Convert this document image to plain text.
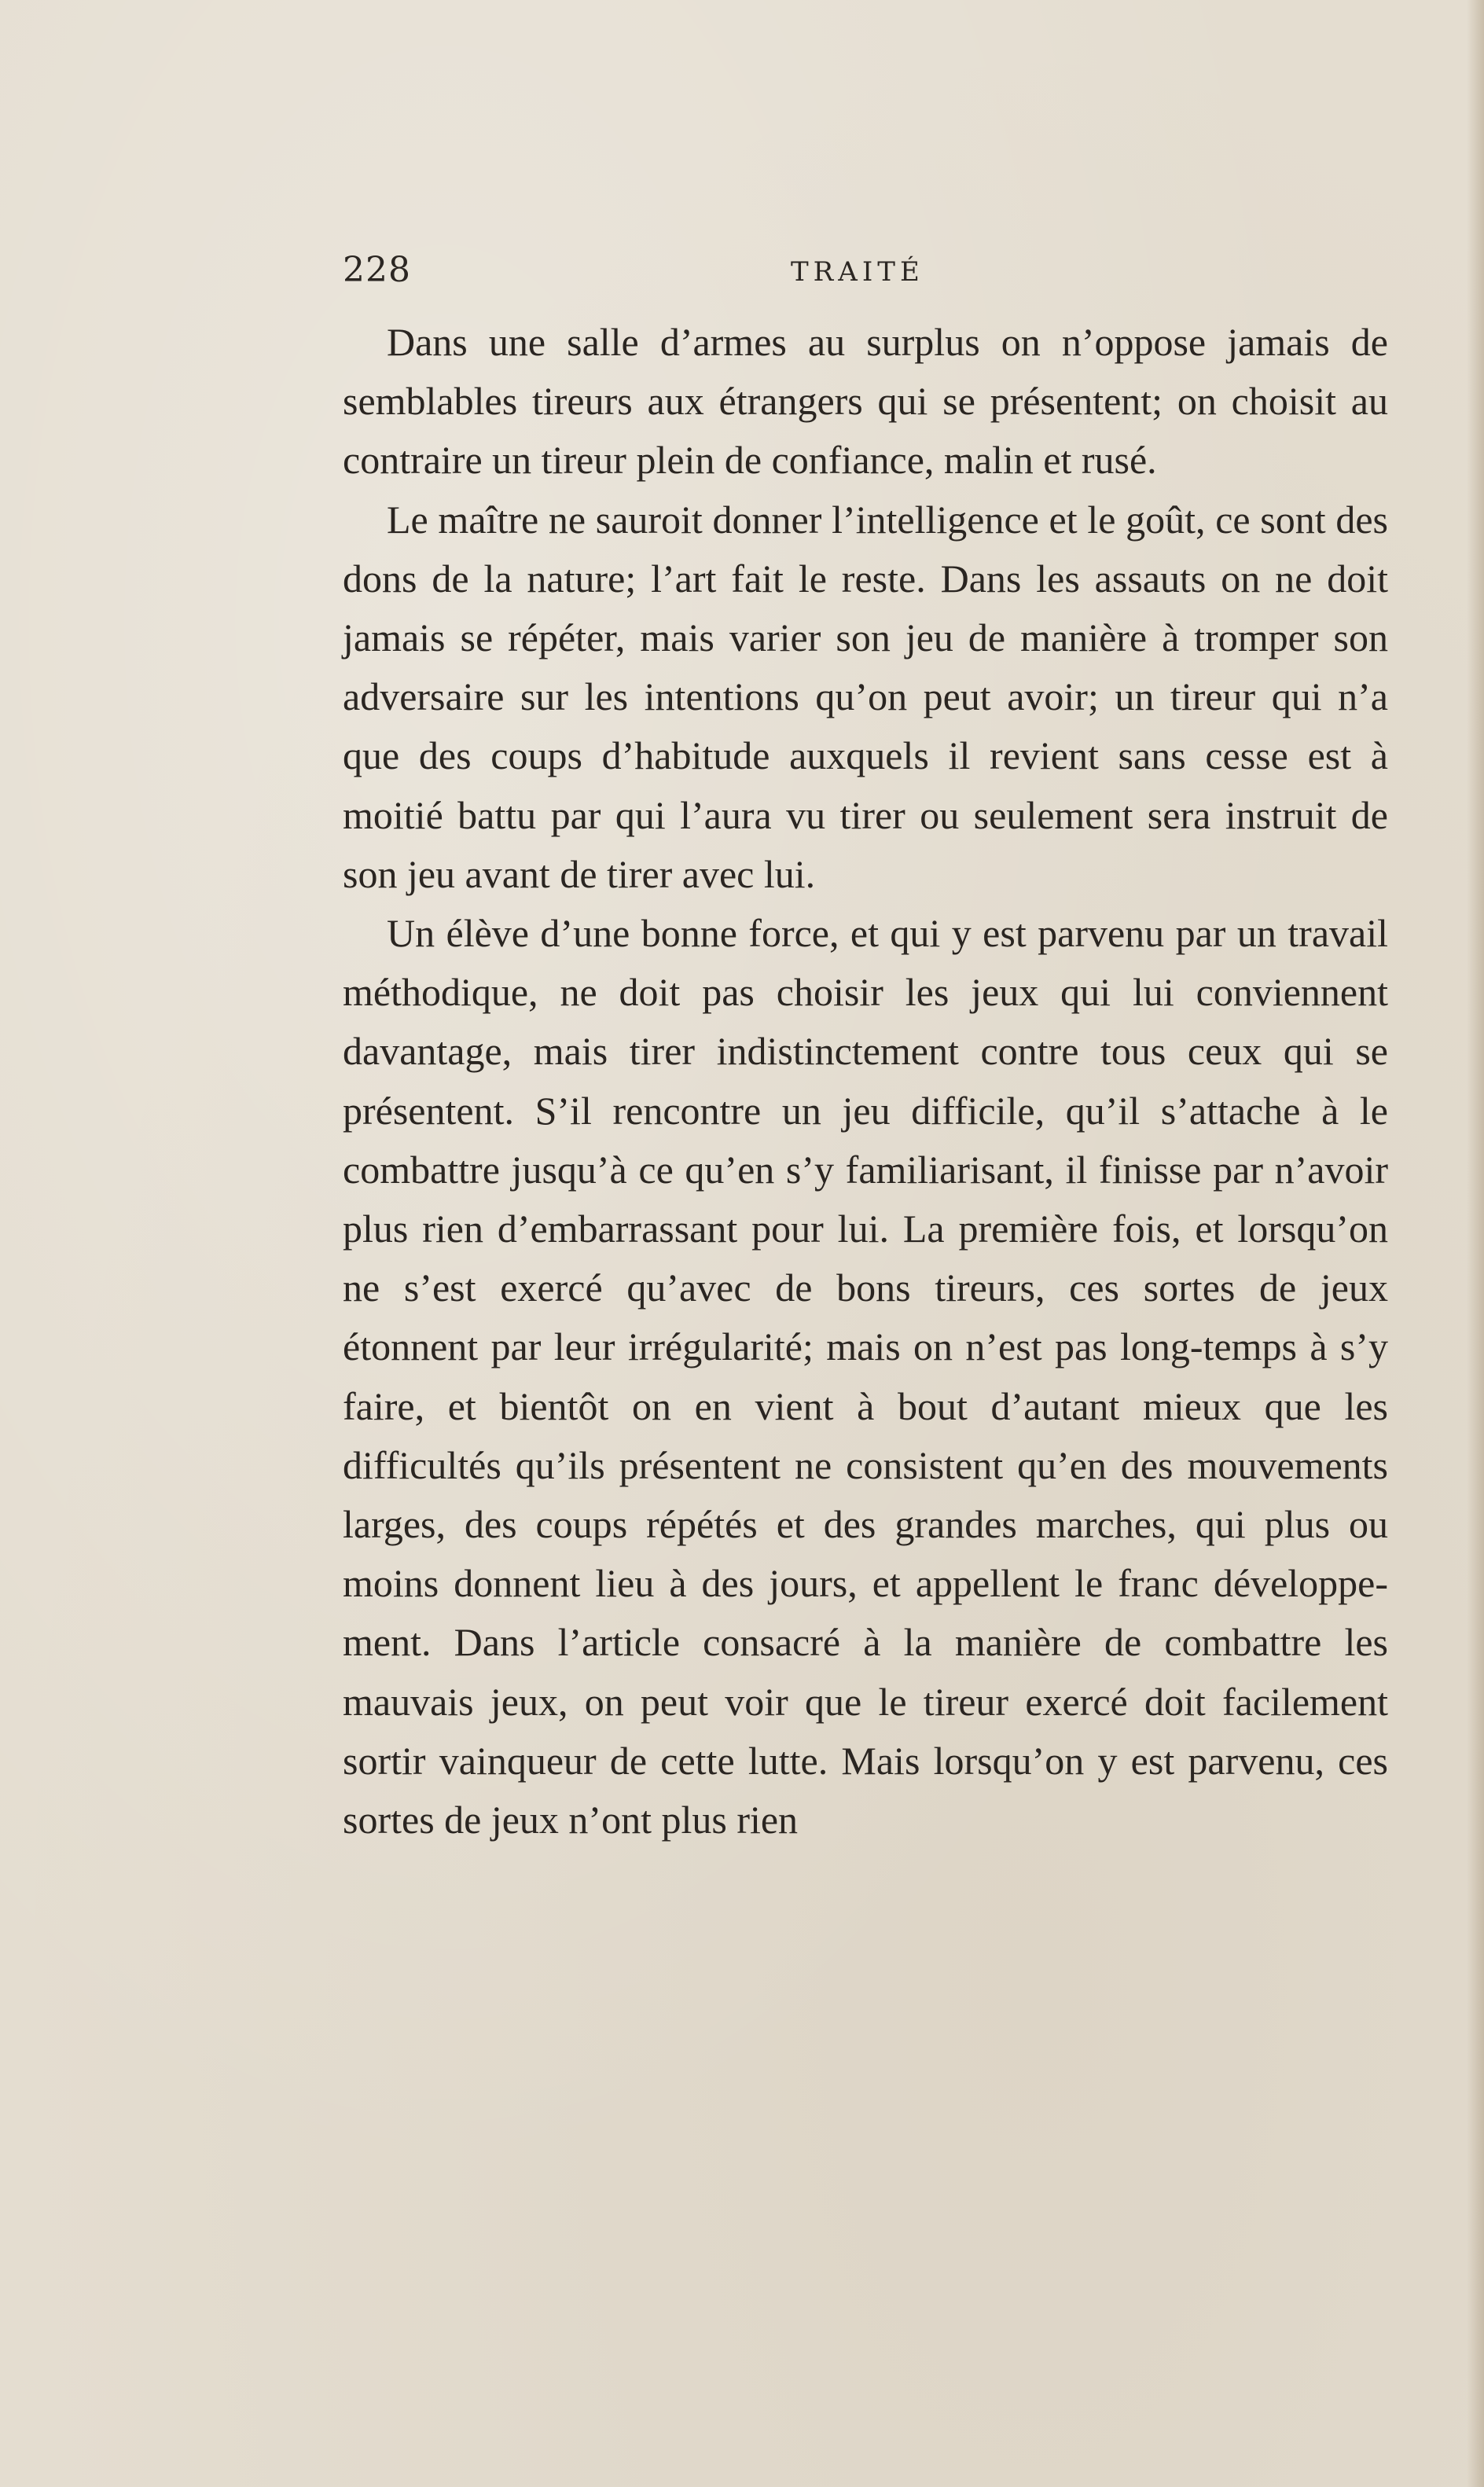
228	TRAITÉ

Dans une salle d’armes au surplus on n’oppose jamais de semblables tireurs aux étrangers qui se présentent; on choisit au contraire un tireur plein de confiance, malin et rusé.

Le maître ne sauroit donner l’intelligence et le goût, ce sont des dons de la nature; l’art fait le reste. Dans les assauts on ne doit jamais se répéter, mais varier son jeu de manière à tromper son adversaire sur les intentions qu’on peut avoir; un tireur qui n’a que des coups d’habitude auxquels il revient sans cesse est à moitié battu par qui l’aura vu tirer ou seulement sera instruit de son jeu avant de tirer avec lui.

Un élève d’une bonne force, et qui y est parvenu par un travail méthodique, ne doit pas choisir les jeux qui lui conviennent davantage, mais tirer indistinctement contre tous ceux qui se présentent. S’il rencontre un jeu difficile, qu’il s’attache à le combattre jusqu’à ce qu’en s’y familiarisant, il finisse par n’avoir plus rien d’embarrassant pour lui. La première fois, et lorsqu’on ne s’est exercé qu’avec de bons tireurs, ces sortes de jeux étonnent par leur irrégularité; mais on n’est pas long-temps à s’y faire, et bientôt on en vient à bout d’autant mieux que les difficultés qu’ils présentent ne consistent qu’en des mouvements larges, des coups répétés et des grandes marches, qui plus ou moins donnent lieu à des jours, et appellent le franc développement. Dans l’article consacré à la manière de combattre les mauvais jeux, on peut voir que le tireur exercé doit facilement sortir vainqueur de cette lutte. Mais lorsqu’on y est parvenu, ces sortes de jeux n’ont plus rien
